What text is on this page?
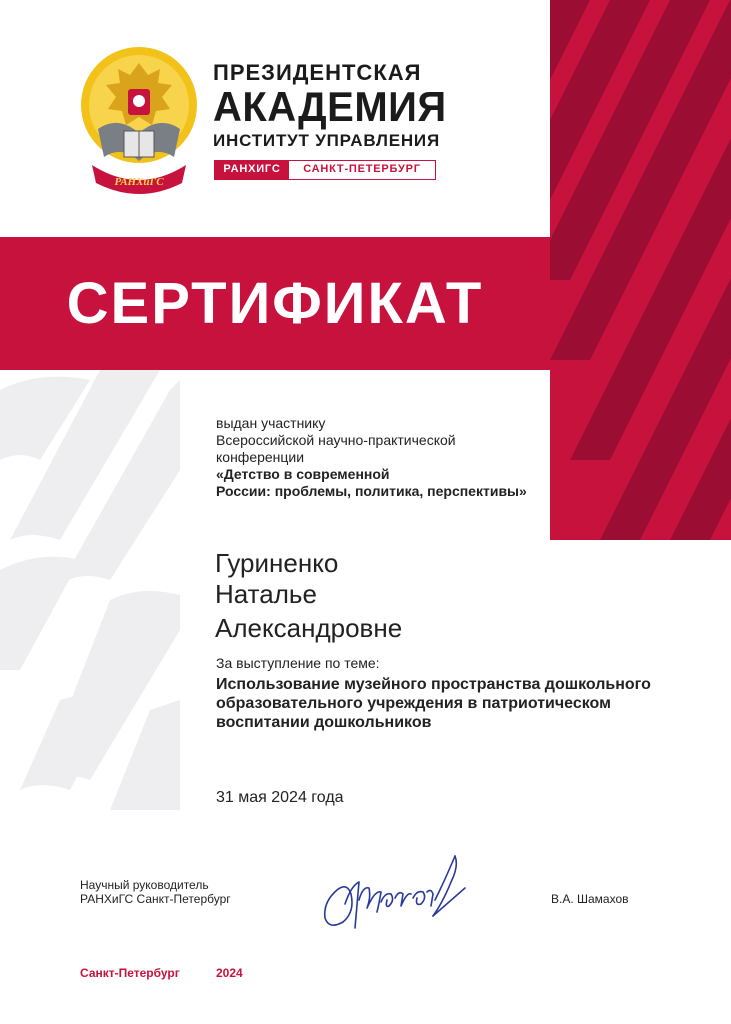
РАНХиГС
ПРЕЗИДЕНТСКАЯ
АКАДЕМИЯ
ИНСТИТУТ УПРАВЛЕНИЯ
РАНХИГС	САНКТ-ПЕТЕРБУРГ
СЕРТИФИКАТ
выдан участнику
Всероссийской научно-практической
конференции
«Детство в современной
России: проблемы, политика, перспективы»
Гуриненко
Наталье
Александровне
За выступление по теме:
Использование музейного пространства дошкольного
образовательного учреждения в патриотическом
воспитании дошкольников
31 мая 2024 года
Научный руководитель
РАНХиГС Санкт-Петербург	В.А. Шамахов
Санкт-Петербург	2024
